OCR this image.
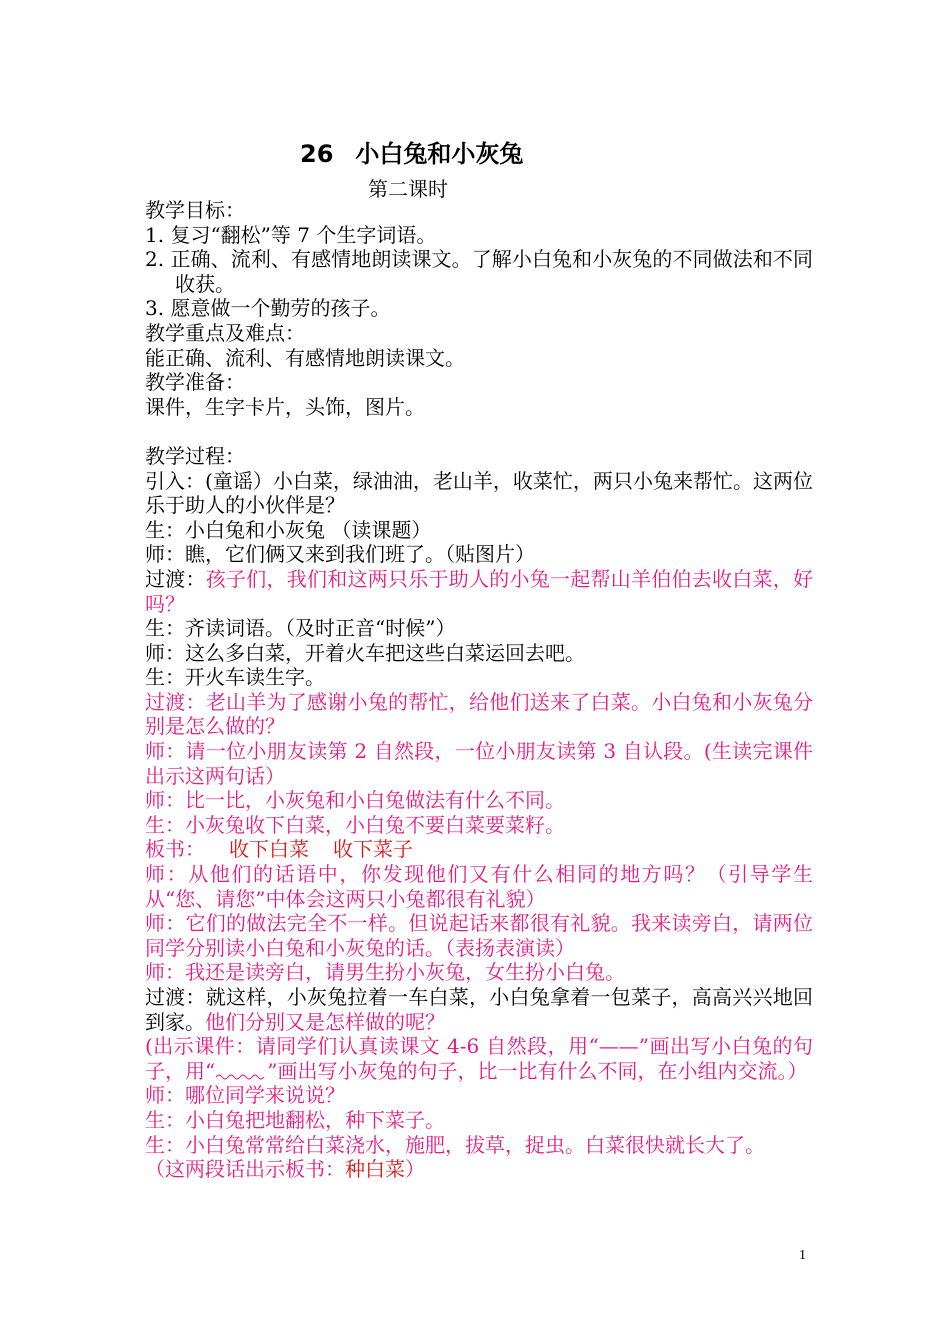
26 小白兔和小灰兔
第二课时
教学目标：
1. 复习“翻松”等 7 个生字词语。
2. 正确、流利、有感情地朗读课文。了解小白兔和小灰兔的不同做法和不同收获。
3. 愿意做一个勤劳的孩子。
教学重点及难点：
能正确、流利、有感情地朗读课文。
教学准备：
课件，生字卡片，头饰，图片。
教学过程：
引入：(童谣）小白菜，绿油油，老山羊，收菜忙，两只小兔来帮忙。这两位乐于助人的小伙伴是？
生：小白兔和小灰兔 （读课题）
师：瞧，它们俩又来到我们班了。（贴图片）
过渡：孩子们，我们和这两只乐于助人的小兔一起帮山羊伯伯去收白菜，好吗？
生：齐读词语。（及时正音“时候”）
师：这么多白菜，开着火车把这些白菜运回去吧。
生：开火车读生字。
过渡：老山羊为了感谢小兔的帮忙，给他们送来了白菜。小白兔和小灰兔分别是怎么做的？
师：请一位小朋友读第 2 自然段，一位小朋友读第 3 自认段。(生读完课件出示这两句话）
师：比一比，小灰兔和小白兔做法有什么不同。
生：小灰兔收下白菜，小白兔不要白菜要菜籽。
板书： 收下白菜 收下菜子
师：从他们的话语中，你发现他们又有什么相同的地方吗？（引导学生从“您、请您”中体会这两只小兔都很有礼貌）
师：它们的做法完全不一样。但说起话来都很有礼貌。我来读旁白，请两位同学分别读小白兔和小灰兔的话。（表扬表演读）
师：我还是读旁白，请男生扮小灰兔，女生扮小白兔。
过渡：就这样，小灰兔拉着一车白菜，小白兔拿着一包菜子，高高兴兴地回到家。他们分别又是怎样做的呢？
(出示课件：请同学们认真读课文 4-6 自然段，用“——”画出写小白兔的句子，用“	”画出写小灰兔的句子，比一比有什么不同，在小组内交流。）
师：哪位同学来说说？
生：小白兔把地翻松，种下菜子。
生：小白兔常常给白菜浇水，施肥，拔草，捉虫。白菜很快就长大了。
（这两段话出示板书：种白菜）
1
